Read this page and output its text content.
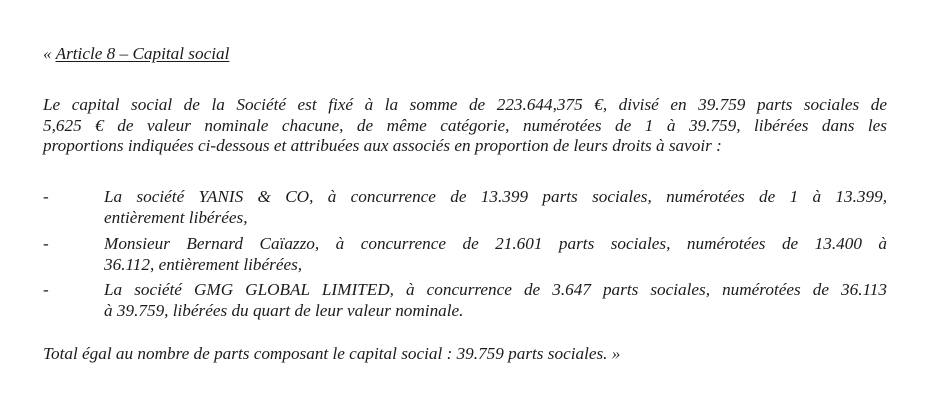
« Article 8 – Capital social
Le capital social de la Société est fixé à la somme de 223.644,375 €, divisé en 39.759 parts sociales de
5,625 € de valeur nominale chacune, de même catégorie, numérotées de 1 à 39.759, libérées dans les
proportions indiquées ci-dessous et attribuées aux associés en proportion de leurs droits à savoir :
-	La société YANIS & CO, à concurrence de 13.399 parts sociales, numérotées de 1 à 13.399,
entièrement libérées,
-	Monsieur Bernard Caïazzo, à concurrence de 21.601 parts sociales, numérotées de 13.400 à
36.112, entièrement libérées,
-	La société GMG GLOBAL LIMITED, à concurrence de 3.647 parts sociales, numérotées de 36.113
à 39.759, libérées du quart de leur valeur nominale.
Total égal au nombre de parts composant le capital social : 39.759 parts sociales. »
